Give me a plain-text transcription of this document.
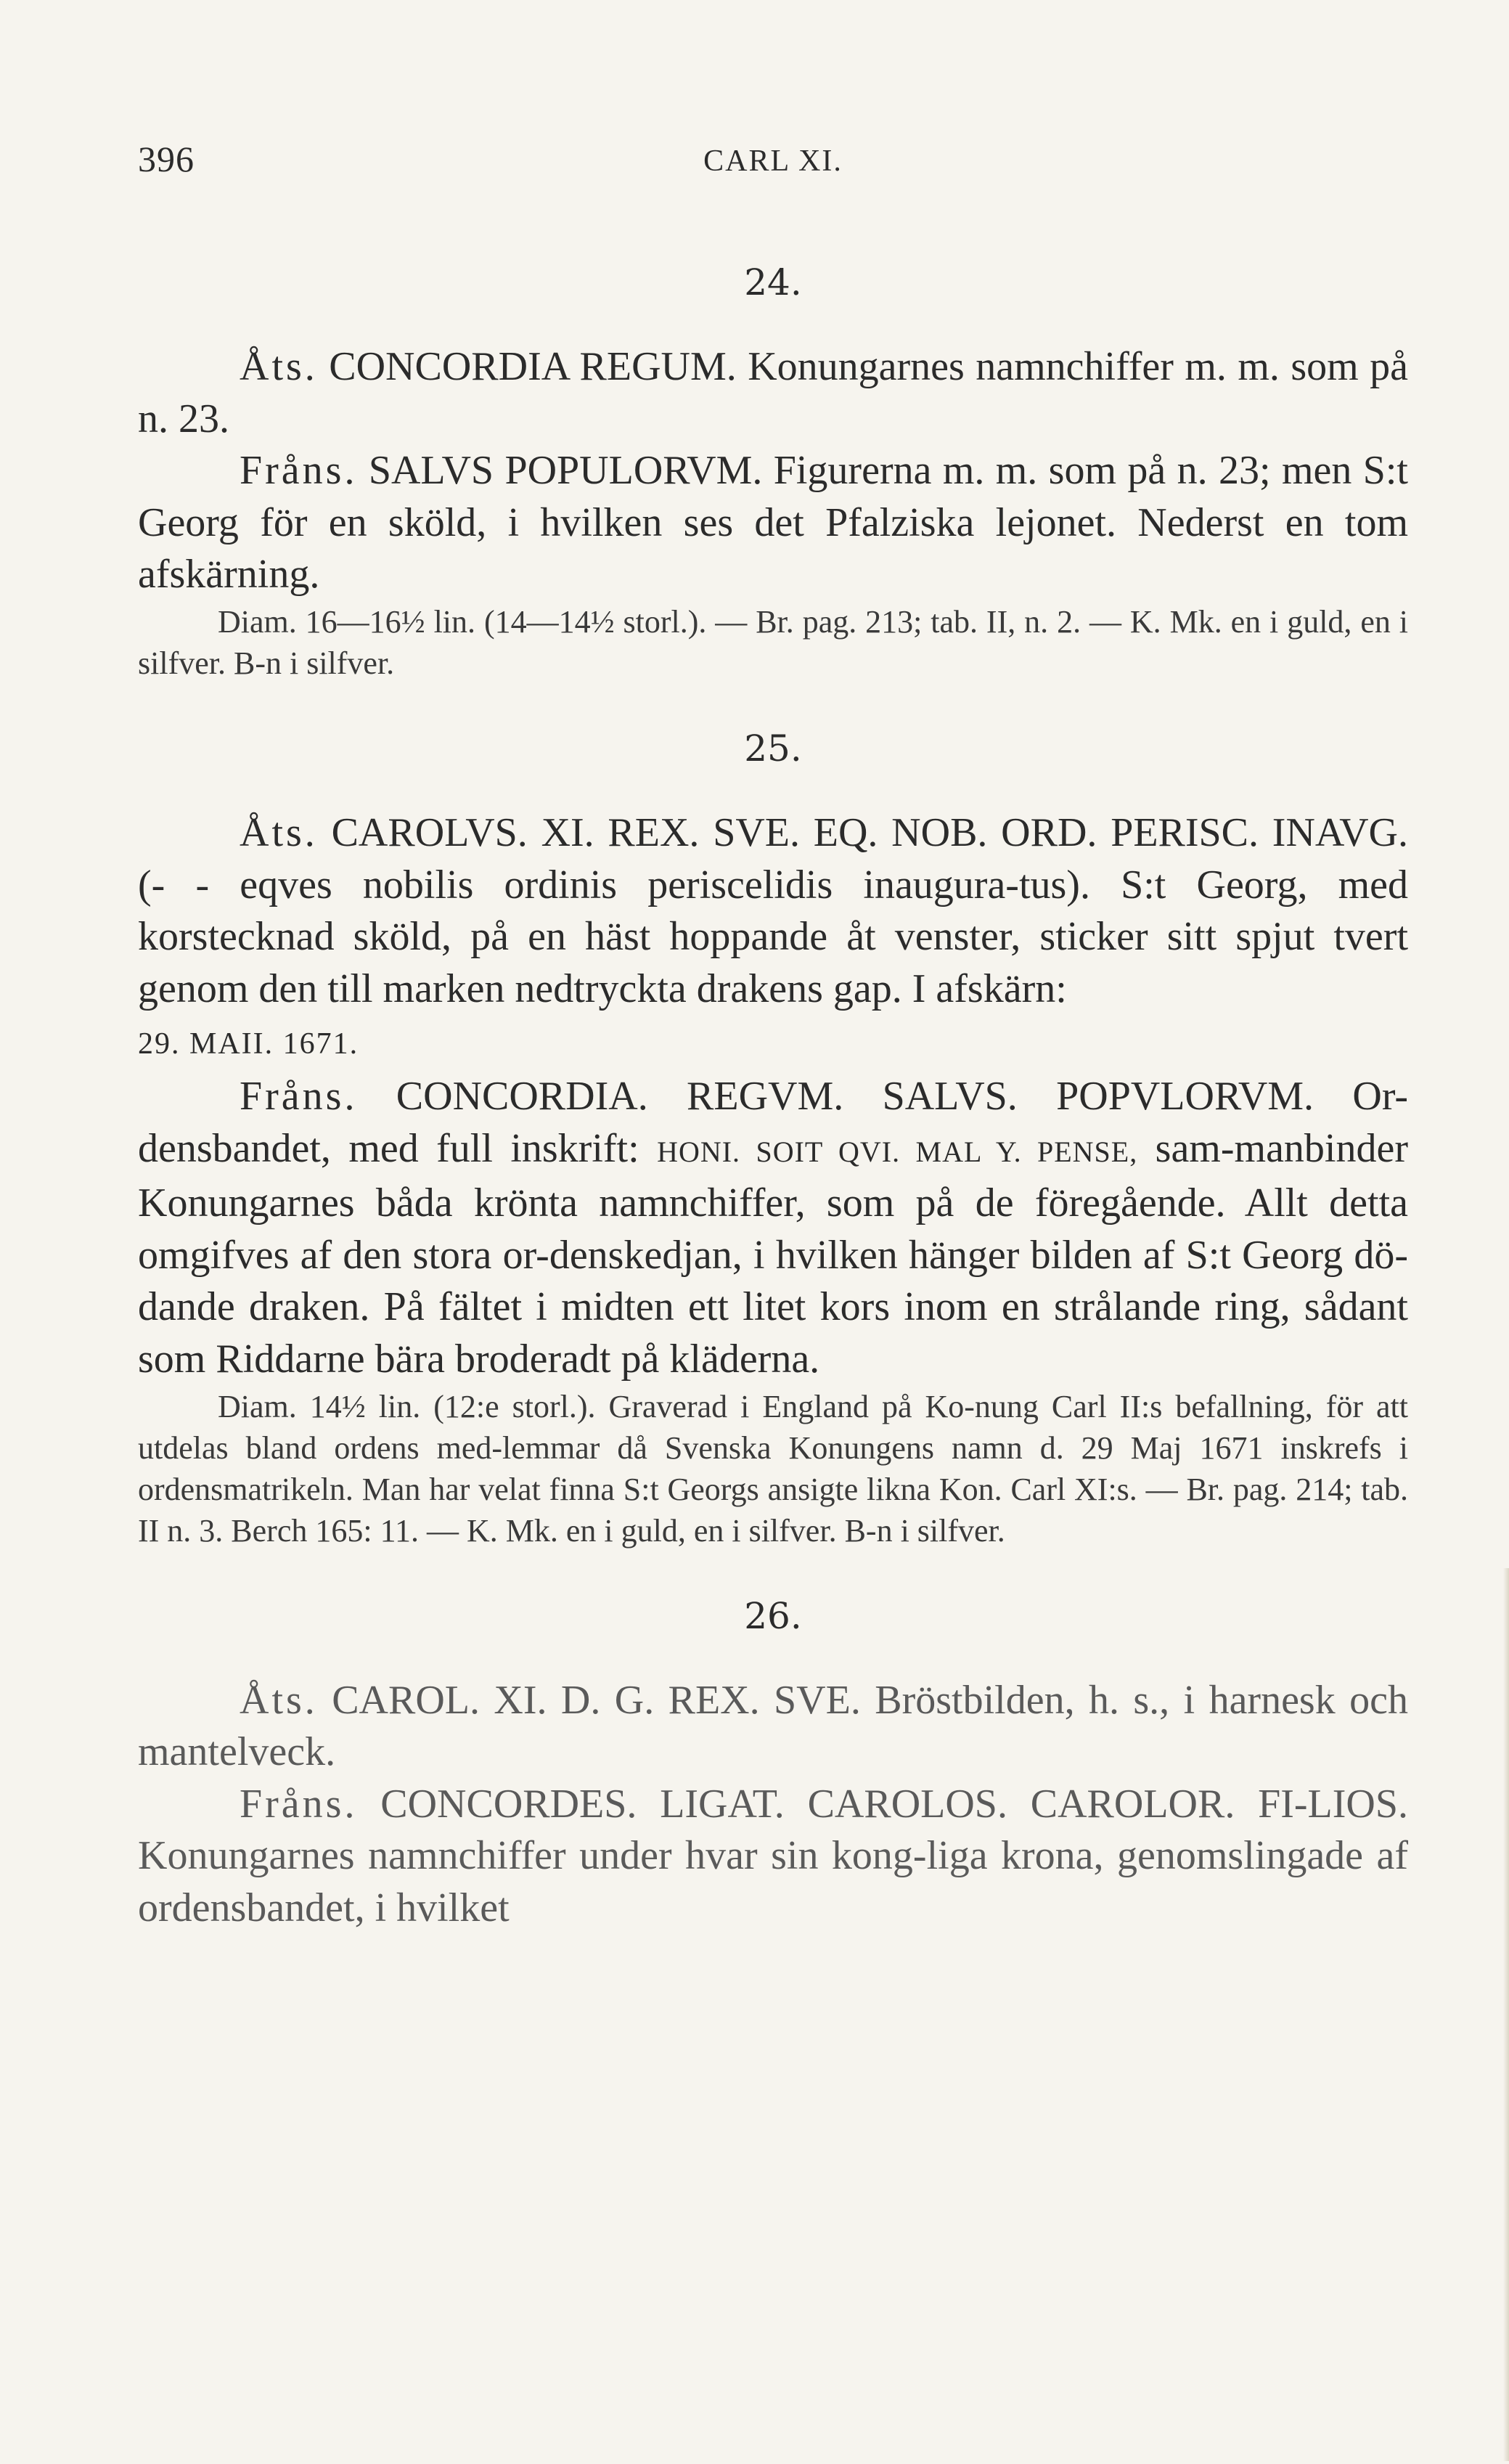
396	CARL XI.
24.

Åts. CONCORDIA REGUM. Konungarnes namnchiffer m. m. som på n. 23.

Fråns. SALVS POPULORVM. Figurerna m. m. som på n. 23; men S:t Georg för en sköld, i hvilken ses det Pfalziska lejonet. Nederst en tom afskärning.

Diam. 16—16½ lin. (14—14½ storl.). — Br. pag. 213; tab. II, n. 2. — K. Mk. en i guld, en i silfver. B-n i silfver.

25.

Åts. CAROLVS. XI. REX. SVE. EQ. NOB. ORD. PERISC. INAVG. (- - eqves nobilis ordinis periscelidis inaugura-tus). S:t Georg, med korstecknad sköld, på en häst hoppande åt venster, sticker sitt spjut tvert genom den till marken nedtryckta drakens gap. I afskärn:
29. MAII. 1671.

Fråns. CONCORDIA. REGVM. SALVS. POPVLORVM. Or-densbandet, med full inskrift: HONI. SOIT QVI. MAL Y. PENSE, sam-manbinder Konungarnes båda krönta namnchiffer, som på de föregående. Allt detta omgifves af den stora or-denskedjan, i hvilken hänger bilden af S:t Georg dö-dande draken. På fältet i midten ett litet kors inom en strålande ring, sådant som Riddarne bära broderadt på kläderna.

Diam. 14½ lin. (12:e storl.). Graverad i England på Ko-nung Carl II:s befallning, för att utdelas bland ordens med-lemmar då Svenska Konungens namn d. 29 Maj 1671 inskrefs i ordensmatrikeln. Man har velat finna S:t Georgs ansigte likna Kon. Carl XI:s. — Br. pag. 214; tab. II n. 3. Berch 165: 11. — K. Mk. en i guld, en i silfver. B-n i silfver.

26.

Åts. CAROL. XI. D. G. REX. SVE. Bröstbilden, h. s., i harnesk och mantelveck.

Fråns. CONCORDES. LIGAT. CAROLOS. CAROLOR. FI-LIOS. Konungarnes namnchiffer under hvar sin kong-liga krona, genomslingade af ordensbandet, i hvilket
